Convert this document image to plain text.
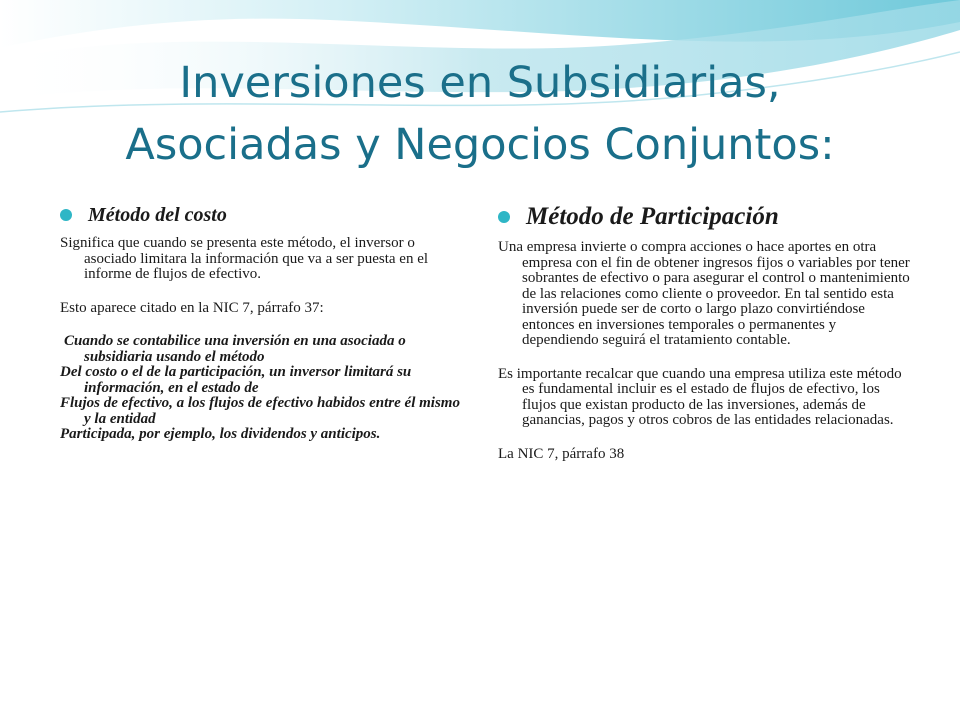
Inversiones en Subsidiarias,
Asociadas y Negocios Conjuntos:
Método del costo

Significa que cuando se presenta este método, el inversor o asociado limitara la información que va a ser puesta en el informe de flujos de efectivo.

Esto aparece citado en la NIC 7, párrafo 37:

Cuando se contabilice una inversión en una asociada o subsidiaria usando el método

Del costo o el de la participación, un inversor limitará su información, en el estado de

Flujos de efectivo, a los flujos de efectivo habidos entre él mismo y la entidad

Participada, por ejemplo, los dividendos y anticipos.

Método de Participación

Una empresa invierte o compra acciones o hace aportes en otra empresa con el fin de obtener ingresos fijos o variables por tener sobrantes de efectivo o para asegurar el control o mantenimiento de las relaciones como cliente o proveedor. En tal sentido esta inversión puede ser de corto o largo plazo convirtiéndose entonces en inversiones temporales o permanentes y dependiendo seguirá el tratamiento contable.

Es importante recalcar que cuando una empresa utiliza este método es fundamental incluir es el estado de flujos de efectivo, los flujos que existan producto de las inversiones, además de ganancias, pagos y otros cobros de las entidades relacionadas.

La NIC 7, párrafo 38
